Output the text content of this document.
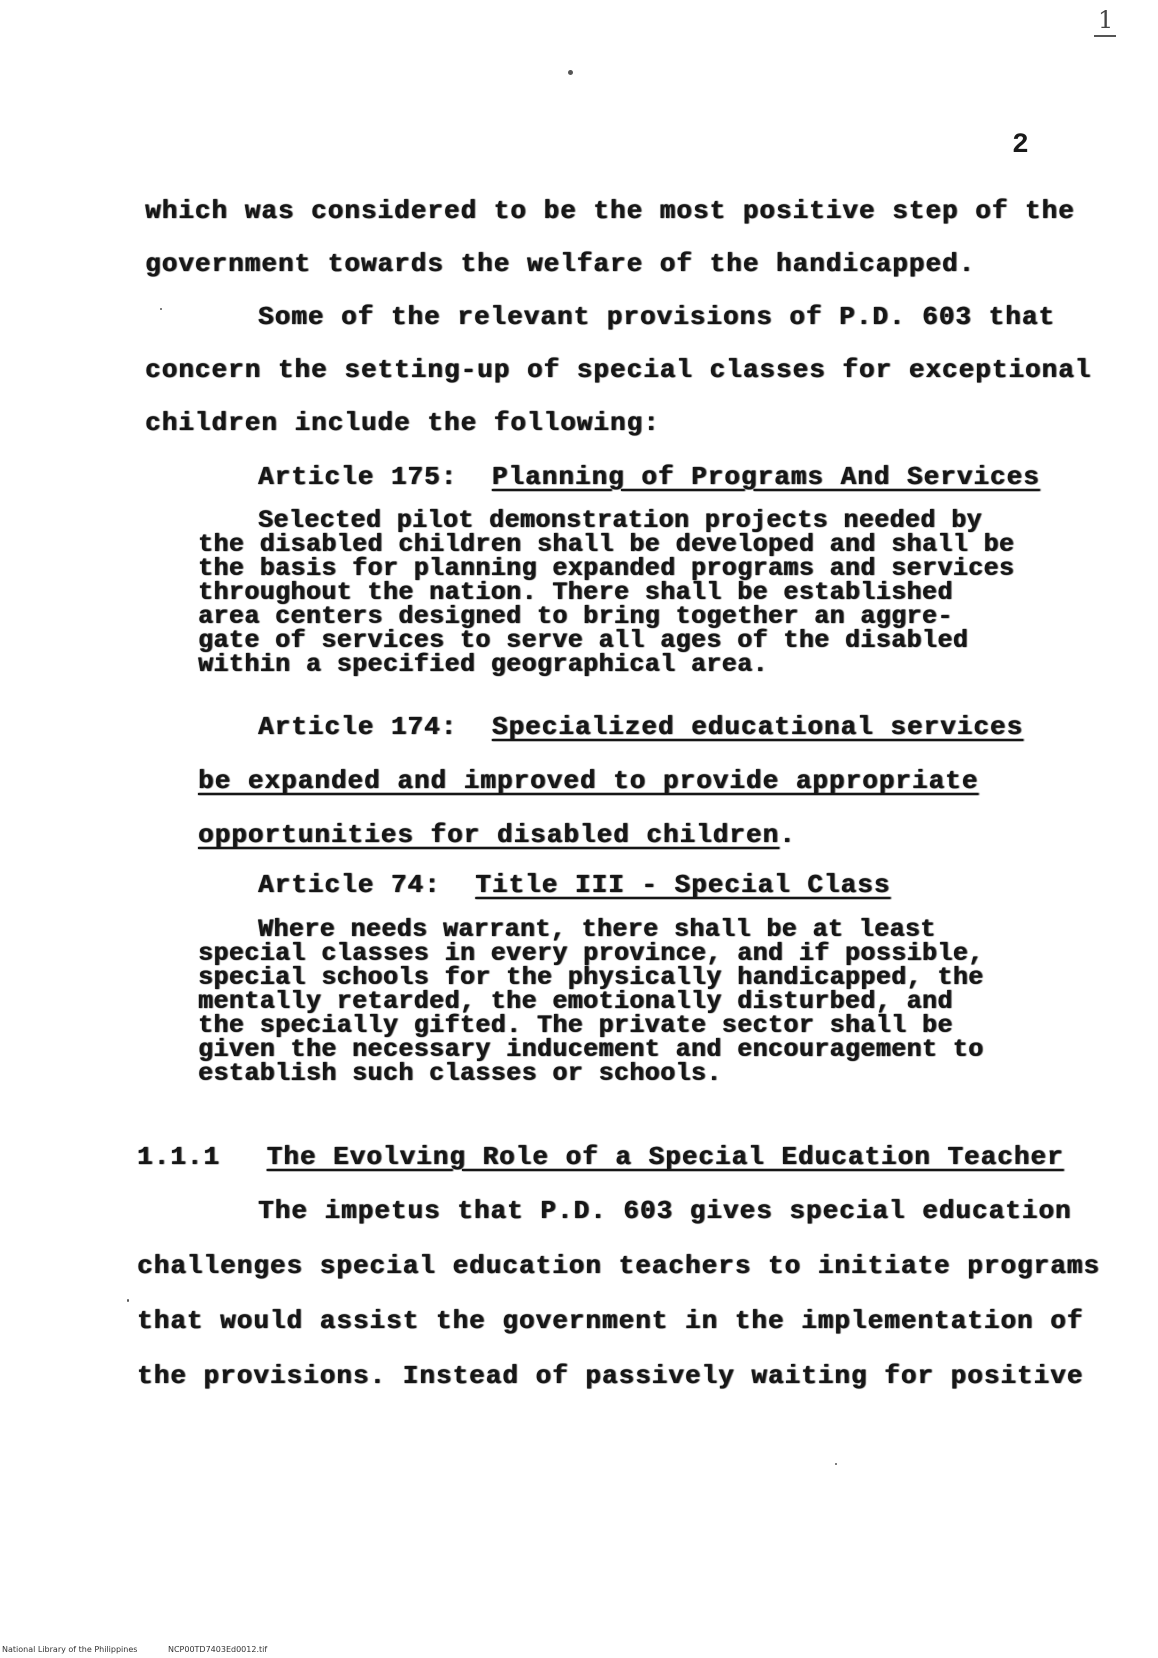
1
2
which was considered to be the most positive step of the
government towards the welfare of the handicapped.
Some of the relevant provisions of P.D. 603 that
concern the setting-up of special classes for exceptional
children include the following:
Article 175: Planning of Programs And Services
Selected pilot demonstration projects needed by
the disabled children shall be developed and shall be
the basis for planning expanded programs and services
throughout the nation. There shall be established
area centers designed to bring together an aggre-
gate of services to serve all ages of the disabled
within a specified geographical area.
Article 174: Specialized educational services
be expanded and improved to provide appropriate
opportunities for disabled children.
Article 74: Title III - Special Class
Where needs warrant, there shall be at least
special classes in every province, and if possible,
special schools for the physically handicapped, the
mentally retarded, the emotionally disturbed, and
the specially gifted. The private sector shall be
given the necessary inducement and encouragement to
establish such classes or schools.
1.1.1 The Evolving Role of a Special Education Teacher
The impetus that P.D. 603 gives special education
challenges special education teachers to initiate programs
that would assist the government in the implementation of
the provisions. Instead of passively waiting for positive
National Library of the Philippines	NCP00TD7403Ed0012.tif
